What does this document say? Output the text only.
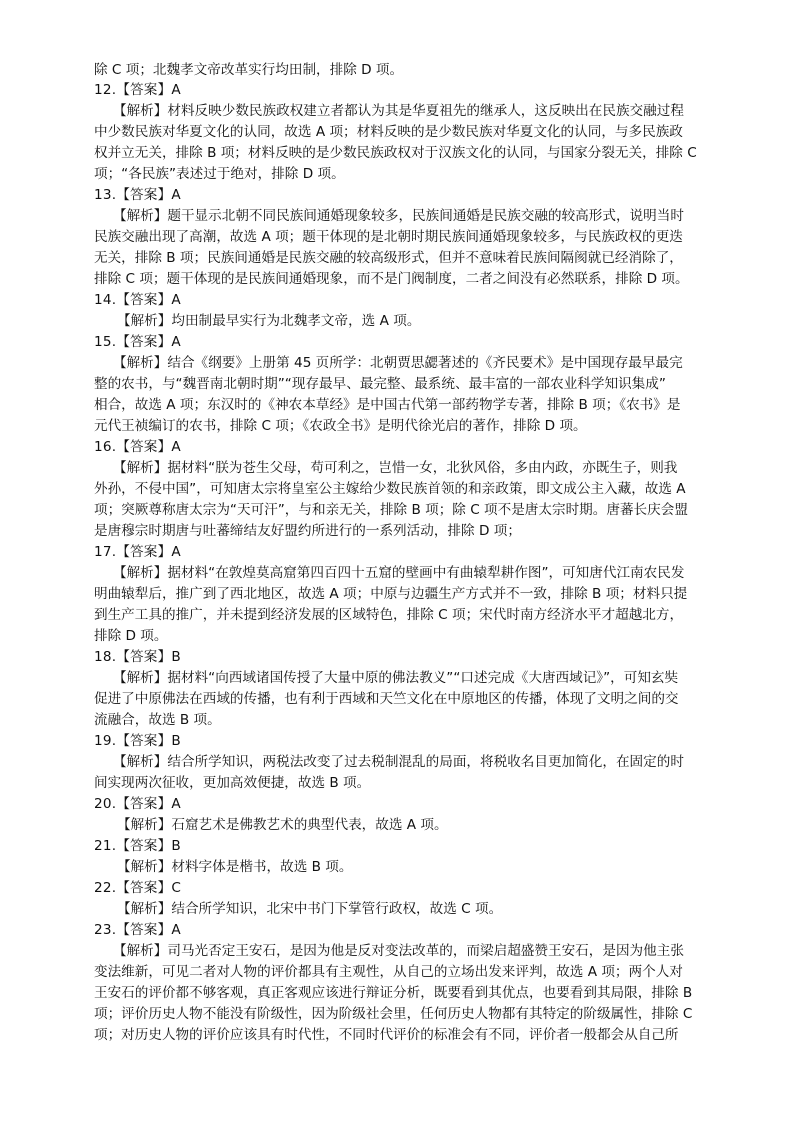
除 C 项；北魏孝文帝改革实行均田制，排除 D 项。
12.【答案】A
【解析】材料反映少数民族政权建立者都认为其是华夏祖先的继承人，这反映出在民族交融过程
中少数民族对华夏文化的认同，故选 A 项；材料反映的是少数民族对华夏文化的认同，与多民族政
权并立无关，排除 B 项；材料反映的是少数民族政权对于汉族文化的认同，与国家分裂无关，排除 C
项；“各民族”表述过于绝对，排除 D 项。
13.【答案】A
【解析】题干显示北朝不同民族间通婚现象较多，民族间通婚是民族交融的较高形式，说明当时
民族交融出现了高潮，故选 A 项；题干体现的是北朝时期民族间通婚现象较多，与民族政权的更迭
无关，排除 B 项；民族间通婚是民族交融的较高级形式，但并不意味着民族间隔阂就已经消除了，
排除 C 项；题干体现的是民族间通婚现象，而不是门阀制度，二者之间没有必然联系，排除 D 项。
14.【答案】A
【解析】均田制最早实行为北魏孝文帝，选 A 项。
15.【答案】A
【解析】结合《纲要》上册第 45 页所学：北朝贾思勰著述的《齐民要术》是中国现存最早最完
整的农书，与“魏晋南北朝时期”“现存最早、最完整、最系统、最丰富的一部农业科学知识集成”
相合，故选 A 项；东汉时的《神农本草经》是中国古代第一部药物学专著，排除 B 项；《农书》是
元代王祯编订的农书，排除 C 项；《农政全书》是明代徐光启的著作，排除 D 项。
16.【答案】A
【解析】据材料“朕为苍生父母，苟可利之，岂惜一女，北狄风俗，多由内政，亦既生子，则我
外孙，不侵中国”，可知唐太宗将皇室公主嫁给少数民族首领的和亲政策，即文成公主入藏，故选 A
项；突厥尊称唐太宗为“天可汗”，与和亲无关，排除 B 项；除 C 项不是唐太宗时期。唐蕃长庆会盟
是唐穆宗时期唐与吐蕃缔结友好盟约所进行的一系列活动，排除 D 项；
17.【答案】A
【解析】据材料“在敦煌莫高窟第四百四十五窟的壁画中有曲辕犁耕作图”，可知唐代江南农民发
明曲辕犁后，推广到了西北地区，故选 A 项；中原与边疆生产方式并不一致，排除 B 项；材料只提
到生产工具的推广，并未提到经济发展的区域特色，排除 C 项；宋代时南方经济水平才超越北方，
排除 D 项。
18.【答案】B
【解析】据材料“向西域诸国传授了大量中原的佛法教义”“口述完成《大唐西域记》”，可知玄奘
促进了中原佛法在西域的传播，也有利于西域和天竺文化在中原地区的传播，体现了文明之间的交
流融合，故选 B 项。
19.【答案】B
【解析】结合所学知识，两税法改变了过去税制混乱的局面，将税收名目更加简化，在固定的时
间实现两次征收，更加高效便捷，故选 B 项。
20.【答案】A
【解析】石窟艺术是佛教艺术的典型代表，故选 A 项。
21.【答案】B
【解析】材料字体是楷书，故选 B 项。
22.【答案】C
【解析】结合所学知识，北宋中书门下掌管行政权，故选 C 项。
23.【答案】A
【解析】司马光否定王安石，是因为他是反对变法改革的，而梁启超盛赞王安石，是因为他主张
变法维新，可见二者对人物的评价都具有主观性，从自己的立场出发来评判，故选 A 项；两个人对
王安石的评价都不够客观，真正客观应该进行辩证分析，既要看到其优点，也要看到其局限，排除 B
项；评价历史人物不能没有阶级性，因为阶级社会里，任何历史人物都有其特定的阶级属性，排除 C
项；对历史人物的评价应该具有时代性，不同时代评价的标准会有不同，评价者一般都会从自己所
